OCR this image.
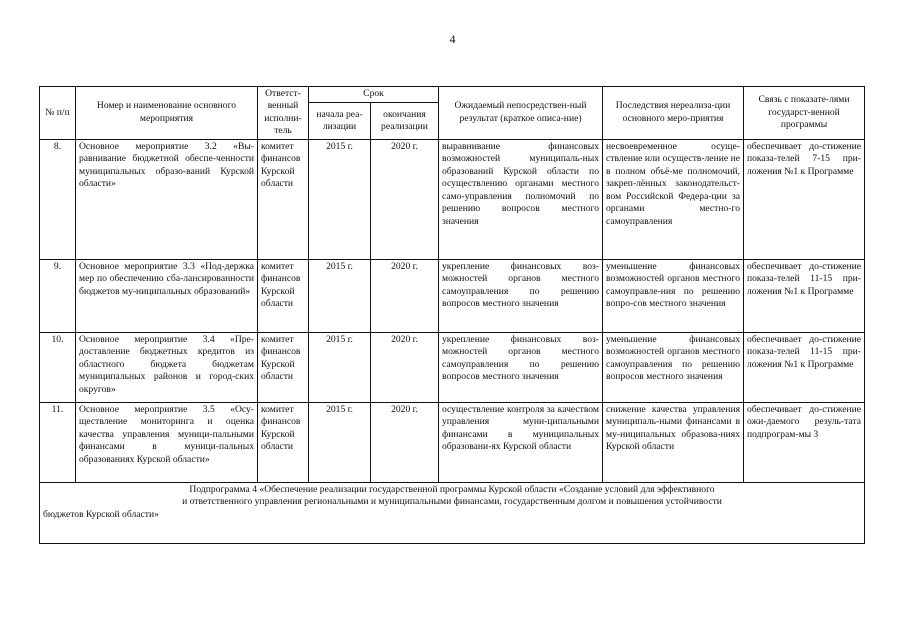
4
№ п/п	Номер и наименование основного мероприятия	Ответст-венный исполни-тель	Срок		Ожидаемый непосредствен-ный результат (краткое описа-ние)	Последствия нереализа-ции основного меро-приятия	Связь с показате-лями государст-венной программы
			начала реа-лизации	окончания реализации			
8.	Основное мероприятие 3.2 «Вы-равнивание бюджетной обеспе-ченности муниципальных образо-ваний Курской области»	комитет финансов Курской области	2015 г.	2020 г.	выравнивание финансовых возможностей муниципаль-ных образований Курской области по осуществлению органами местного само-управления полномочий по решению вопросов местного значения	несвоевременное осуще-ствление или осуществ-ление не в полном объё-ме полномочий, закреп-лённых законодательст-вом Российской Федера-ции за органами местно-го самоуправления	обеспечивает до-стижение показа-телей 7-15 при-ложения №1 к Программе
9.	Основное мероприятие 3.3 «Под-держка мер по обеспечению сба-лансированности бюджетов му-ниципальных образований»	комитет финансов Курской области	2015 г.	2020 г.	укрепление финансовых воз-можностей органов местного самоуправления по решению вопросов местного значения	уменьшение финансовых возможностей органов местного самоуправле-ния по решению вопро-сов местного значения	обеспечивает до-стижение показа-телей 11-15 при-ложения №1 к Программе
10.	Основное мероприятие 3.4 «Пре-доставление бюджетных кредитов из областного бюджета бюджетам муниципальных районов и город-ских округов»	комитет финансов Курской области	2015 г.	2020 г.	укрепление финансовых воз-можностей органов местного самоуправления по решению вопросов местного значения	уменьшение финансовых возможностей органов местного самоуправления по решению вопросов местного значения	обеспечивает до-стижение показа-телей 11-15 при-ложения №1 к Программе
11.	Основное мероприятие 3.5 «Осу-ществление мониторинга и оценка качества управления муници-пальными финансами в муници-пальных образованиях Курской области»	комитет финансов Курской области	2015 г.	2020 г.	осуществление контроля за качеством управления муни-ципальными финансами в муниципальных образовани-ях Курской области	снижение качества управления муниципаль-ными финансами в му-ниципальных образова-ниях Курской области	обеспечивает до-стижение ожи-даемого резуль-тата подпрограм-мы 3

Подпрограмма 4 «Обеспечение реализации государственной программы Курской области «Создание условий для эффективного
и ответственного управления региональными и муниципальными финансами, государственным долгом и повышения устойчивости
бюджетов Курской области»							
